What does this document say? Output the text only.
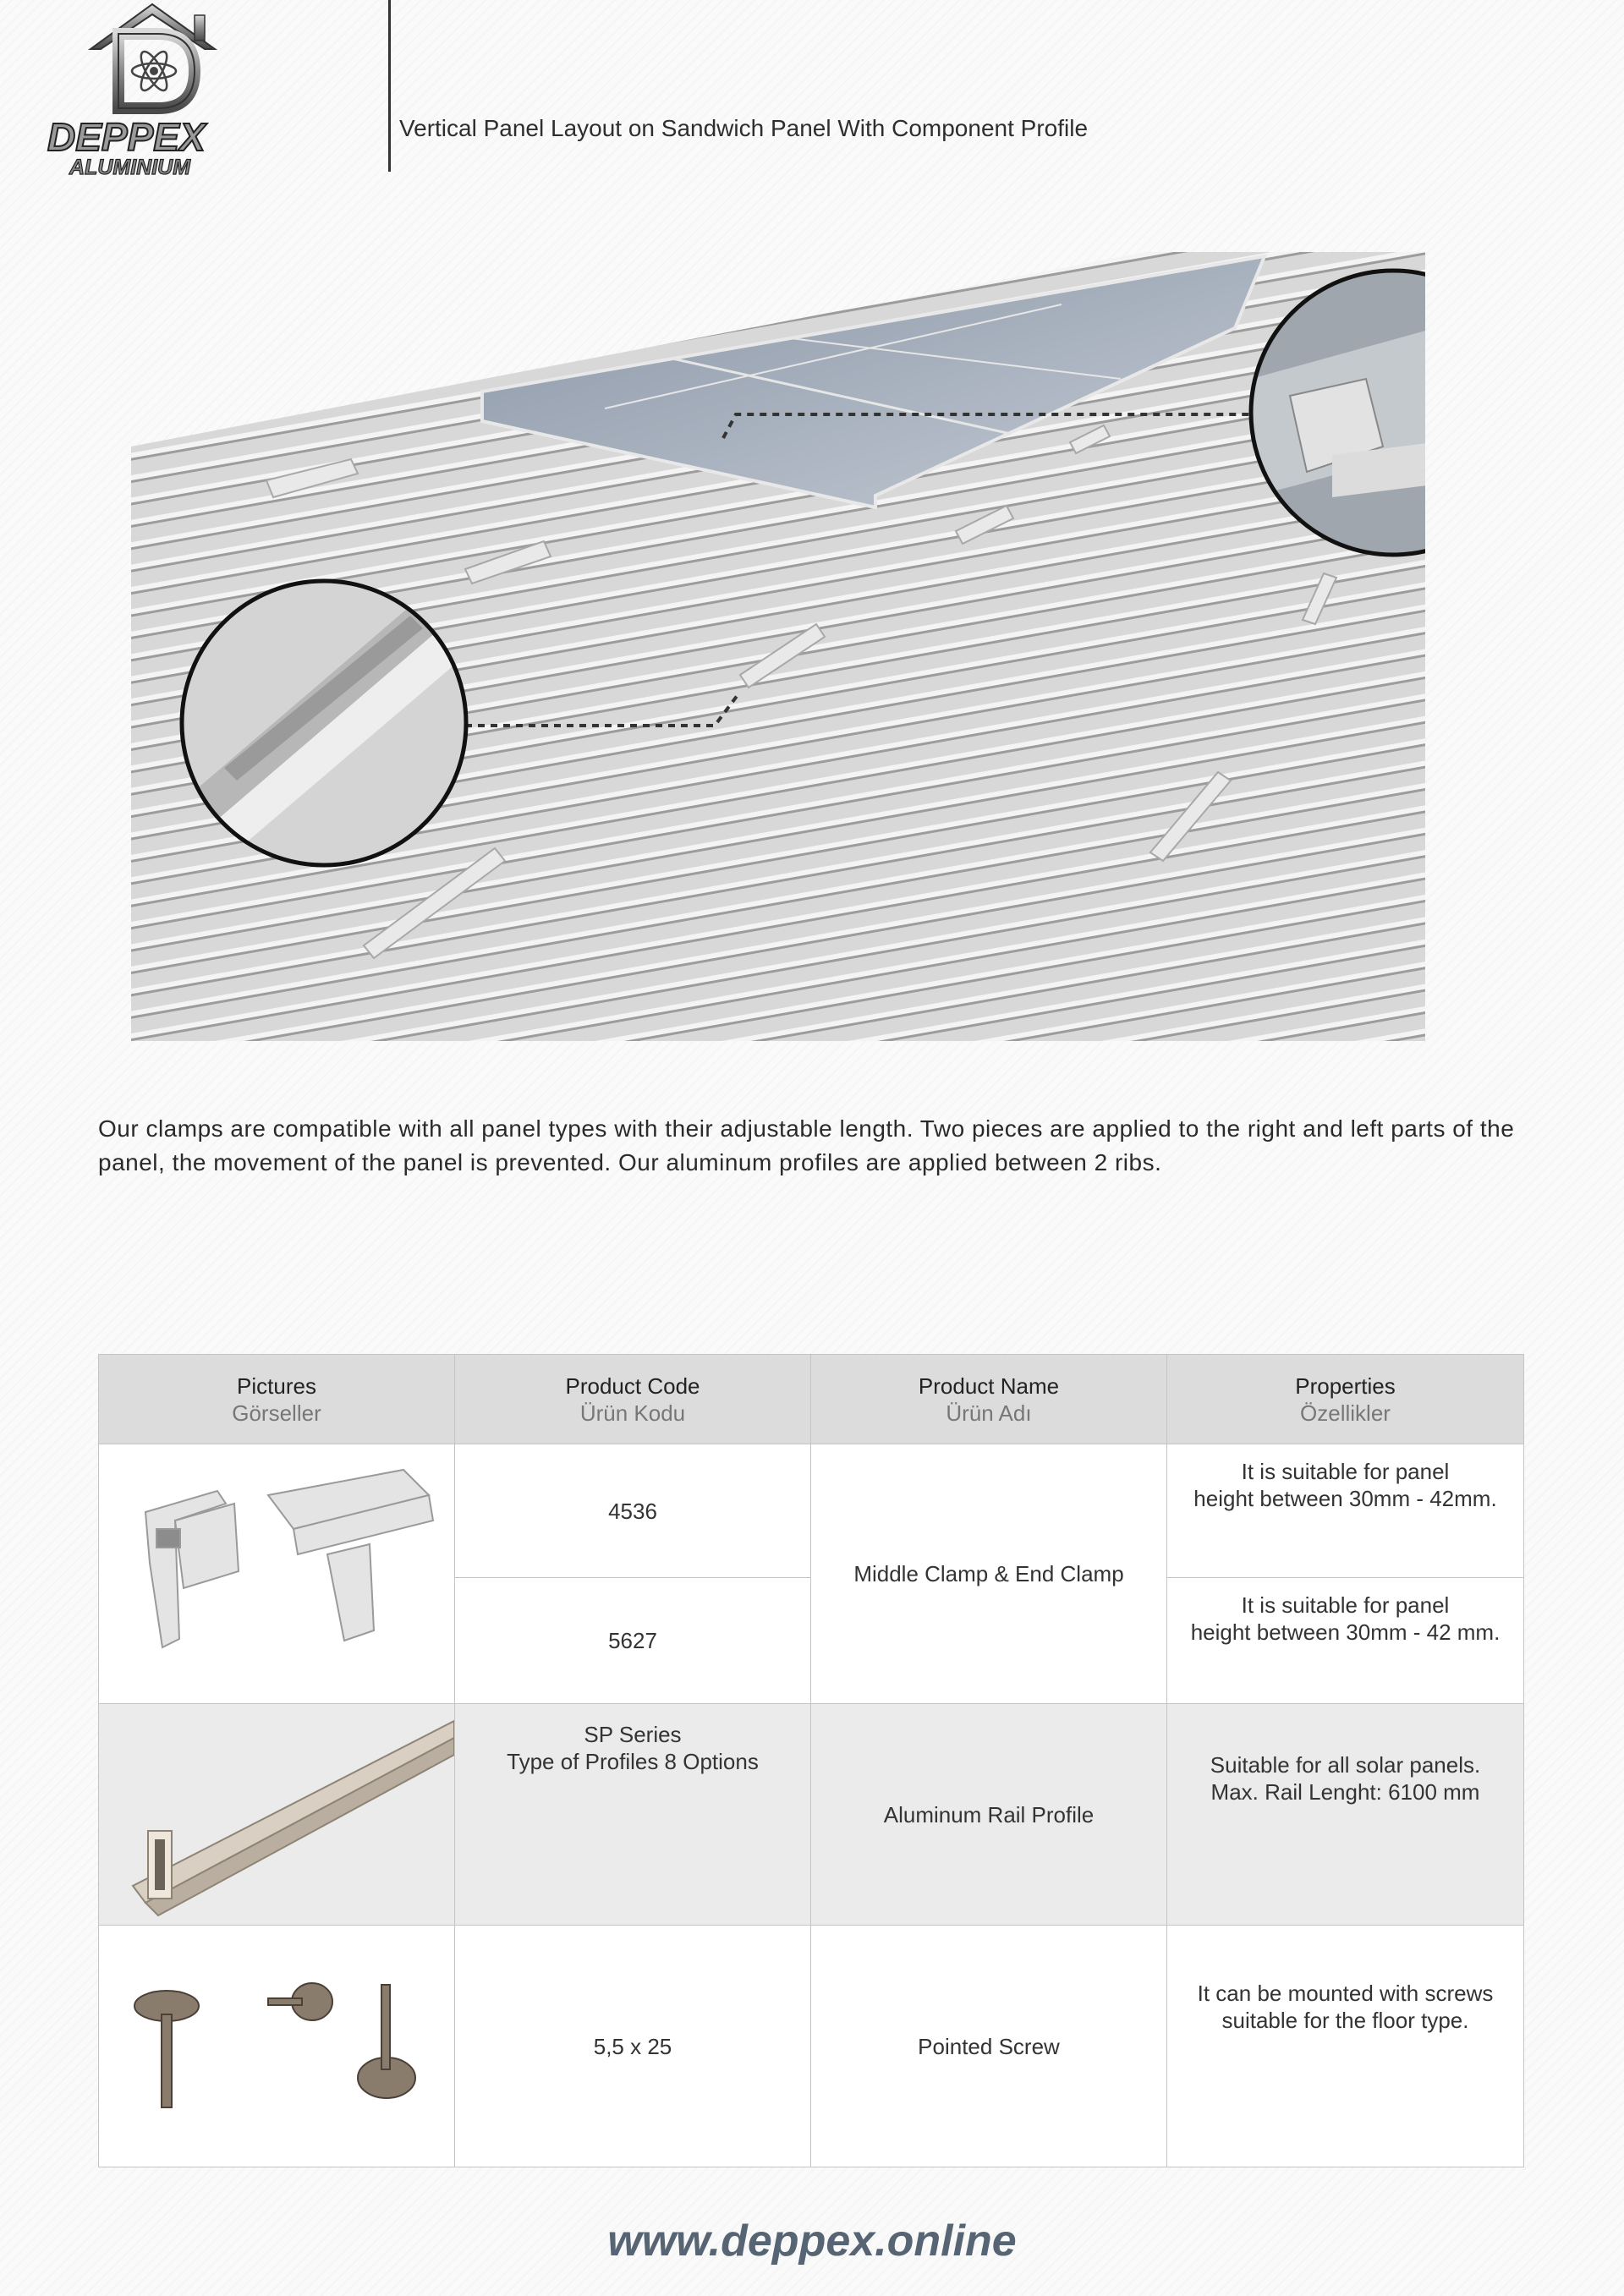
DEPPEX
ALUMINIUM
Vertical Panel Layout on Sandwich Panel With Component Profile
Our clamps are compatible with all panel types with their adjustable length. Two pieces are applied to the right and left parts of the panel, the movement of the panel is prevented. Our aluminum profiles are applied between 2 ribs.
Pictures
Görseller
Product Code
Ürün Kodu
Product Name
Ürün Adı
Properties
Özellikler
4536
5627
Middle Clamp & End Clamp
It is suitable for panel
height between 30mm - 42mm.
It is suitable for panel
height between 30mm - 42 mm.
SP Series
Type of Profiles 8 Options
Aluminum Rail Profile
Suitable for all solar panels.
Max. Rail Lenght: 6100 mm
5,5 x 25	Pointed Screw
It can be mounted with screws
suitable for the floor type.
www.deppex.online
